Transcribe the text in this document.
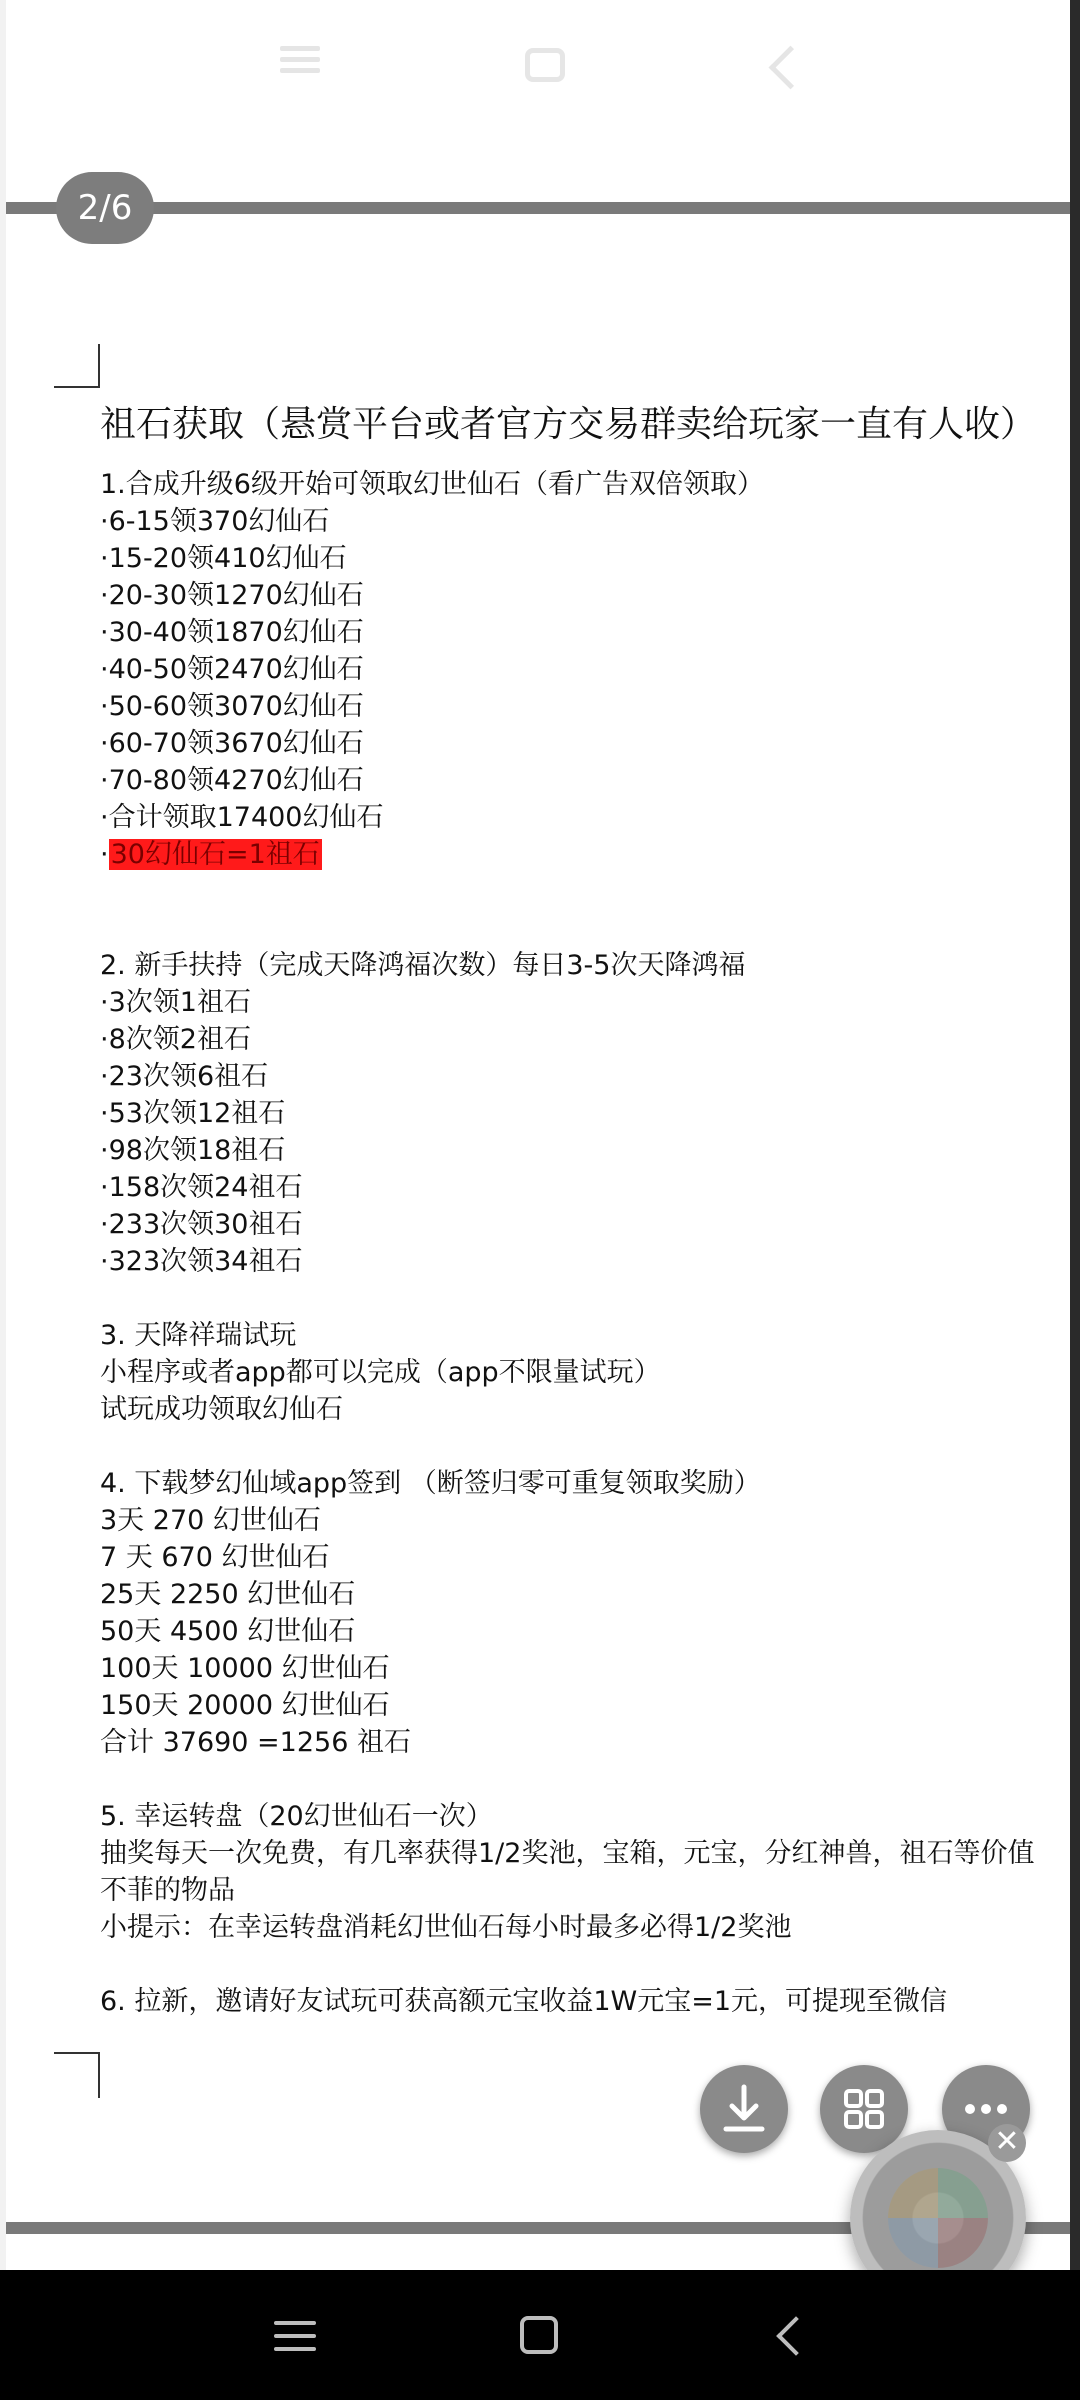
2/6
祖石获取（悬赏平台或者官方交易群卖给玩家一直有人收）
1.合成升级6级开始可领取幻世仙石（看广告双倍领取）
·6-15领370幻仙石
·15-20领410幻仙石
·20-30领1270幻仙石
·30-40领1870幻仙石
·40-50领2470幻仙石
·50-60领3070幻仙石
·60-70领3670幻仙石
·70-80领4270幻仙石
·合计领取17400幻仙石
·30幻仙石=1祖石
2. 新手扶持（完成天降鸿福次数）每日3-5次天降鸿福
·3次领1祖石
·8次领2祖石
·23次领6祖石
·53次领12祖石
·98次领18祖石
·158次领24祖石
·233次领30祖石
·323次领34祖石
3. 天降祥瑞试玩
小程序或者app都可以完成（app不限量试玩）
试玩成功领取幻仙石
4. 下载梦幻仙域app签到 （断签归零可重复领取奖励）
3天 270 幻世仙石
7 天 670 幻世仙石
25天 2250 幻世仙石
50天 4500 幻世仙石
100天 10000 幻世仙石
150天 20000 幻世仙石
合计 37690 =1256 祖石
5. 幸运转盘（20幻世仙石一次）
抽奖每天一次免费，有几率获得1/2奖池，宝箱，元宝，分红神兽，祖石等价值
不菲的物品
小提示：在幸运转盘消耗幻世仙石每小时最多必得1/2奖池
6. 拉新，邀请好友试玩可获高额元宝收益1W元宝=1元，可提现至微信
✕
